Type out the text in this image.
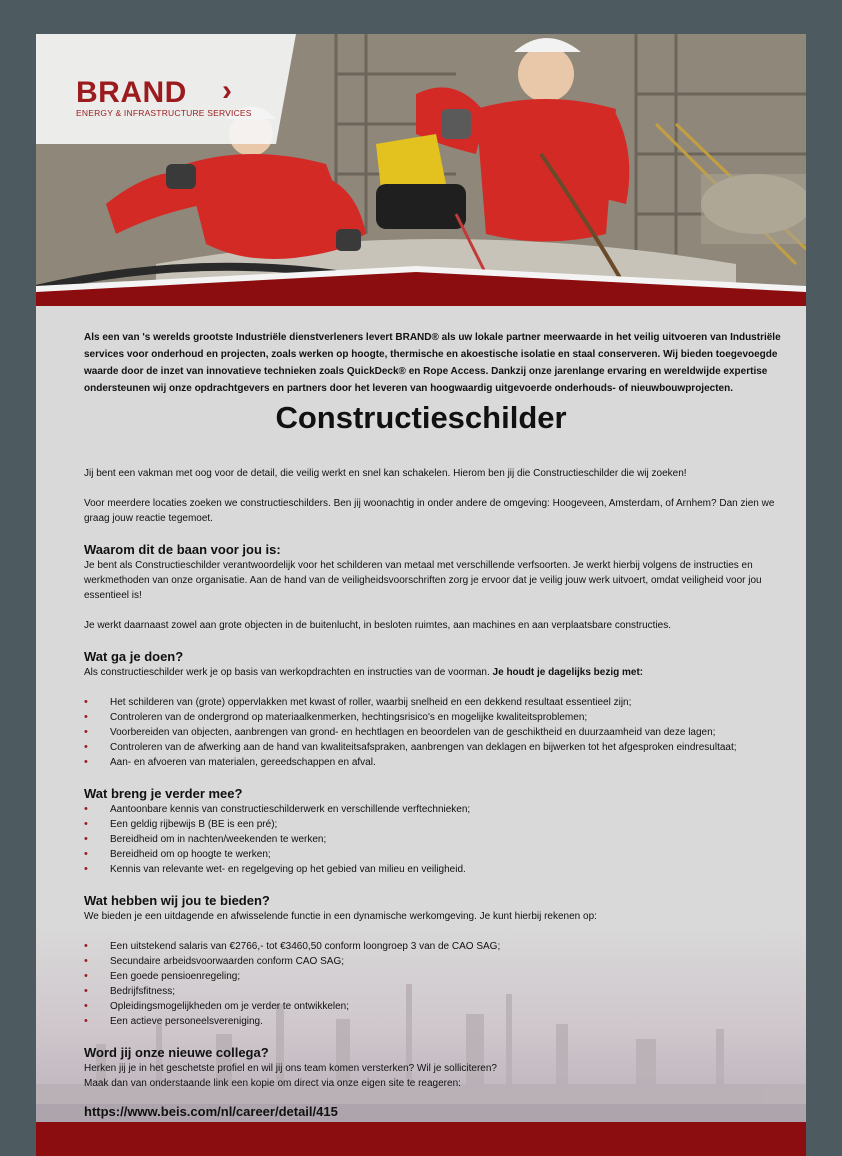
BRAND ›
ENERGY & INFRASTRUCTURE SERVICES

Als een van 's werelds grootste Industriële dienstverleners levert BRAND® als uw lokale partner meerwaarde in het veilig uitvoeren van Industriële services voor onderhoud en projecten, zoals werken op hoogte, thermische en akoestische isolatie en staal conserveren. Wij bieden toegevoegde waarde door de inzet van innovatieve technieken zoals QuickDeck® en Rope Access. Dankzij onze jarenlange ervaring en wereldwijde expertise ondersteunen wij onze opdrachtgevers en partners door het leveren van hoogwaardig uitgevoerde onderhouds- of nieuwbouwprojecten.

Constructieschilder

Jij bent een vakman met oog voor de detail, die veilig werkt en snel kan schakelen. Hierom ben jij die Constructieschilder die wij zoeken!

Voor meerdere locaties zoeken we constructieschilders. Ben jij woonachtig in onder andere de omgeving: Hoogeveen, Amsterdam, of Arnhem? Dan zien we graag jouw reactie tegemoet.

Waarom dit de baan voor jou is:

Je bent als Constructieschilder verantwoordelijk voor het schilderen van metaal met verschillende verfsoorten. Je werkt hierbij volgens de instructies en werkmethoden van onze organisatie. Aan de hand van de veiligheidsvoorschriften zorg je ervoor dat je veilig jouw werk uitvoert, omdat veiligheid voor jou essentieel is!

Je werkt daarnaast zowel aan grote objecten in de buitenlucht, in besloten ruimtes, aan machines en aan verplaatsbare constructies.

Wat ga je doen?

Als constructieschilder werk je op basis van werkopdrachten en instructies van de voorman. Je houdt je dagelijks bezig met:

• Het schilderen van (grote) oppervlakken met kwast of roller, waarbij snelheid en een dekkend resultaat essentieel zijn;
• Controleren van de ondergrond op materiaalkenmerken, hechtingsrisico's en mogelijke kwaliteitsproblemen;
• Voorbereiden van objecten, aanbrengen van grond- en hechtlagen en beoordelen van de geschiktheid en duurzaamheid van deze lagen;
• Controleren van de afwerking aan de hand van kwaliteitsafspraken, aanbrengen van deklagen en bijwerken tot het afgesproken eindresultaat;
• Aan- en afvoeren van materialen, gereedschappen en afval.

Wat breng je verder mee?

• Aantoonbare kennis van constructieschilderwerk en verschillende verftechnieken;
• Een geldig rijbewijs B (BE is een pré);
• Bereidheid om in nachten/weekenden te werken;
• Bereidheid om op hoogte te werken;
• Kennis van relevante wet- en regelgeving op het gebied van milieu en veiligheid.

Wat hebben wij jou te bieden?

We bieden je een uitdagende en afwisselende functie in een dynamische werkomgeving. Je kunt hierbij rekenen op:

• Een uitstekend salaris van €2766,- tot €3460,50 conform loongroep 3 van de CAO SAG;
• Secundaire arbeidsvoorwaarden conform CAO SAG;
• Een goede pensioenregeling;
• Bedrijfsfitness;
• Opleidingsmogelijkheden om je verder te ontwikkelen;
• Een actieve personeelsvereniging.

Word jij onze nieuwe collega?

Herken jij je in het geschetste profiel en wil jij ons team komen versterken? Wil je solliciteren?

Maak dan van onderstaande link een kopie om direct via onze eigen site te reageren:

https://www.beis.com/nl/career/detail/415
